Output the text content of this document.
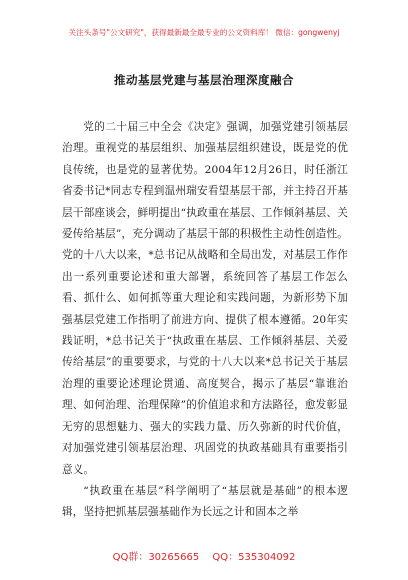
关注头条号"公文研究"，获得最新最全最专业的公文资料库！ 微信：gongwenyj
推动基层党建与基层治理深度融合

党的二十届三中全会《决定》强调，加强党建引领基层治理。重视党的基层组织、加强基层组织建设，既是党的优良传统，也是党的显著优势。2004年12月26日，时任浙江省委书记*同志专程到温州瑞安看望基层干部，并主持召开基层干部座谈会，鲜明提出“执政重在基层、工作倾斜基层、关爱传给基层”，充分调动了基层干部的积极性主动性创造性。党的十八大以来，*总书记从战略和全局出发，对基层工作作出一系列重要论述和重大部署，系统回答了基层工作怎么看、抓什么、如何抓等重大理论和实践问题，为新形势下加强基层党建工作指明了前进方向、提供了根本遵循。20年实践证明，*总书记关于“执政重在基层、工作倾斜基层、关爱传给基层”的重要要求，与党的十八大以来*总书记关于基层治理的重要论述理论贯通、高度契合，揭示了基层“靠谁治理、如何治理、治理保障”的价值追求和方法路径，愈发彰显无穷的思想魅力、强大的实践力量、历久弥新的时代价值，对加强党建引领基层治理、巩固党的执政基础具有重要指引意义。

“执政重在基层”科学阐明了“基层就是基础”的根本逻辑，坚持把抓基层强基础作为长远之计和固本之举

QQ群：30265665 QQ：535304092
